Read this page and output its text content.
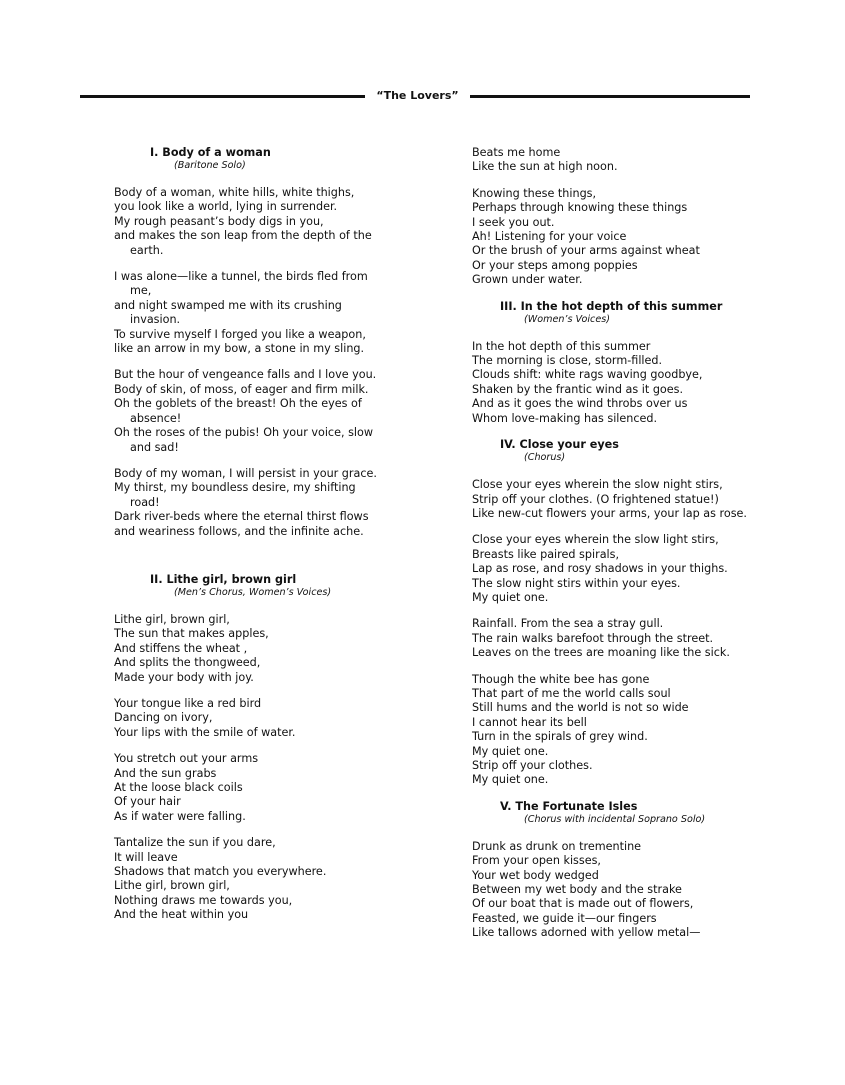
“The Lovers”
I. Body of a woman
(Baritone Solo)
Body of a woman, white hills, white thighs,
you look like a world, lying in surrender.
My rough peasant’s body digs in you,
and makes the son leap from the depth of the earth.
I was alone—like a tunnel, the birds fled from me,
and night swamped me with its crushing invasion.
To survive myself I forged you like a weapon,
like an arrow in my bow, a stone in my sling.
But the hour of vengeance falls and I love you.
Body of skin, of moss, of eager and firm milk.
Oh the goblets of the breast! Oh the eyes of absence!
Oh the roses of the pubis! Oh your voice, slow and sad!
Body of my woman, I will persist in your grace.
My thirst, my boundless desire, my shifting road!
Dark river-beds where the eternal thirst flows
and weariness follows, and the infinite ache.
II. Lithe girl, brown girl
(Men’s Chorus, Women’s Voices)
Lithe girl, brown girl,
The sun that makes apples,
And stiffens the wheat ,
And splits the thongweed,
Made your body with joy.
Your tongue like a red bird
Dancing on ivory,
Your lips with the smile of water.
You stretch out your arms
And the sun grabs
At the loose black coils
Of your hair
As if water were falling.
Tantalize the sun if you dare,
It will leave
Shadows that match you everywhere.
Lithe girl, brown girl,
Nothing draws me towards you,
And the heat within you
Beats me home
Like the sun at high noon.
Knowing these things,
Perhaps through knowing these things
I seek you out.
Ah! Listening for your voice
Or the brush of your arms against wheat
Or your steps among poppies
Grown under water.
III. In the hot depth of this summer
(Women’s Voices)
In the hot depth of this summer
The morning is close, storm-filled.
Clouds shift: white rags waving goodbye,
Shaken by the frantic wind as it goes.
And as it goes the wind throbs over us
Whom love-making has silenced.
IV. Close your eyes
(Chorus)
Close your eyes wherein the slow night stirs,
Strip off your clothes. (O frightened statue!)
Like new-cut flowers your arms, your lap as rose.
Close your eyes wherein the slow light stirs,
Breasts like paired spirals,
Lap as rose, and rosy shadows in your thighs.
The slow night stirs within your eyes.
My quiet one.
Rainfall. From the sea a stray gull.
The rain walks barefoot through the street.
Leaves on the trees are moaning like the sick.
Though the white bee has gone
That part of me the world calls soul
Still hums and the world is not so wide
I cannot hear its bell
Turn in the spirals of grey wind.
My quiet one.
Strip off your clothes.
My quiet one.
V. The Fortunate Isles
(Chorus with incidental Soprano Solo)
Drunk as drunk on trementine
From your open kisses,
Your wet body wedged
Between my wet body and the strake
Of our boat that is made out of flowers,
Feasted, we guide it—our fingers
Like tallows adorned with yellow metal—
